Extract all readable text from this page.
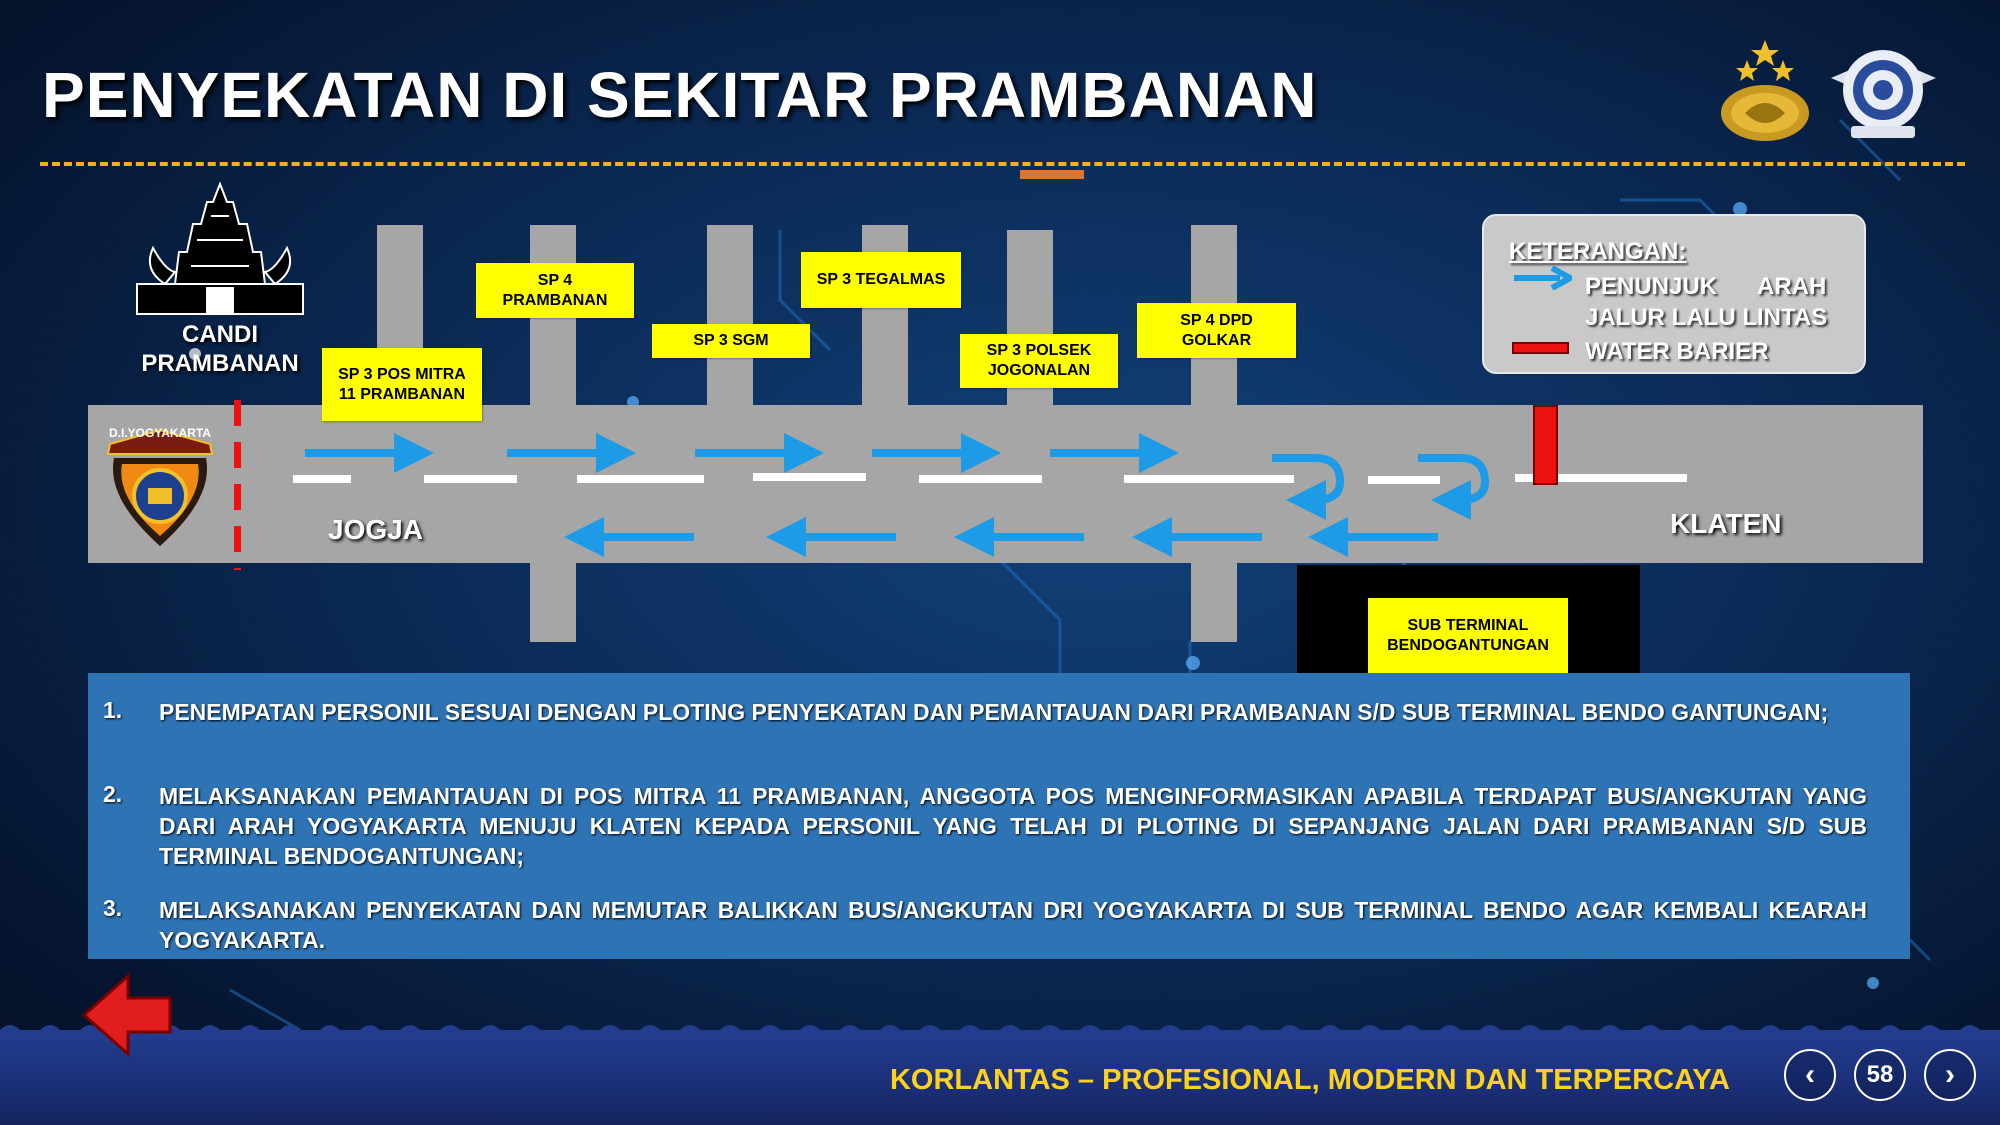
PENYEKATAN DI SEKITAR PRAMBANAN
SP 3 POS MITRA
11 PRAMBANAN
SP 4
PRAMBANAN
SP 3 SGM
SP 3 TEGALMAS
SP 3 POLSEK
JOGONALAN
SP 4 DPD
GOLKAR
JOGJA	KLATEN
SUB TERMINAL
BENDOGANTUNGAN
CANDI
PRAMBANAN
D.I.YOGYAKARTA
KETERANGAN:
PENUNJUK ARAH
JALUR LALU LINTAS
WATER BARIER
1. PENEMPATAN PERSONIL SESUAI DENGAN PLOTING PENYEKATAN DAN PEMANTAUAN DARI PRAMBANAN S/D SUB TERMINAL BENDO GANTUNGAN;
2. MELAKSANAKAN PEMANTAUAN DI POS MITRA 11 PRAMBANAN, ANGGOTA POS MENGINFORMASIKAN APABILA TERDAPAT BUS/ANGKUTAN YANG DARI ARAH YOGYAKARTA MENUJU KLATEN KEPADA PERSONIL YANG TELAH DI PLOTING DI SEPANJANG JALAN DARI PRAMBANAN S/D SUB TERMINAL BENDOGANTUNGAN;
3. MELAKSANAKAN PENYEKATAN DAN MEMUTAR BALIKKAN BUS/ANGKUTAN DRI YOGYAKARTA DI SUB TERMINAL BENDO AGAR KEMBALI KEARAH YOGYAKARTA.
KORLANTAS – PROFESIONAL, MODERN DAN TERPERCAYA	‹ 58 ›
